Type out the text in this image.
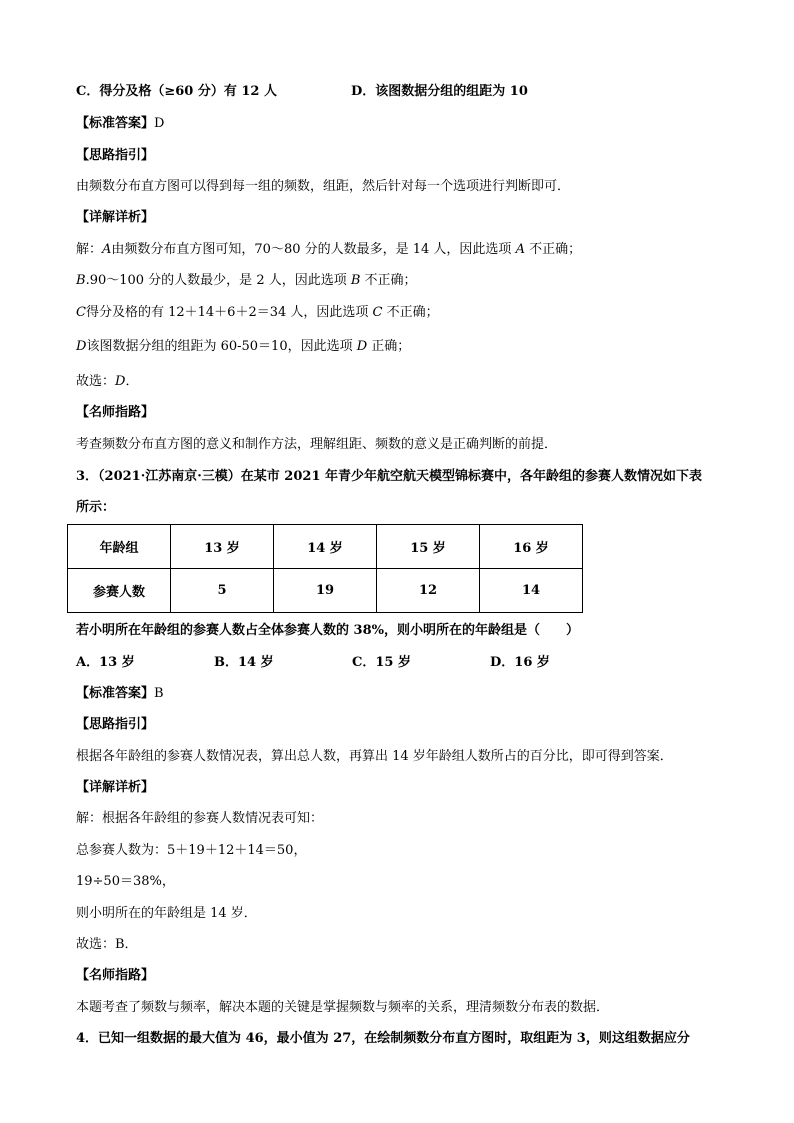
C．得分及格（≥60 分）有 12 人	D．该图数据分组的组距为 10
【标准答案】D
【思路指引】
由频数分布直方图可以得到每一组的频数，组距，然后针对每一个选项进行判断即可．
【详解详析】
解：A由频数分布直方图可知，70～80 分的人数最多，是 14 人，因此选项 A 不正确；
B.90～100 分的人数最少，是 2 人，因此选项 B 不正确；
C得分及格的有 12＋14＋6＋2＝34 人，因此选项 C 不正确；
D该图数据分组的组距为 60-50＝10，因此选项 D 正确；
故选：D．
【名师指路】
考查频数分布直方图的意义和制作方法，理解组距、频数的意义是正确判断的前提．
3．（2021·江苏南京·三模）在某市 2021 年青少年航空航天模型锦标赛中，各年龄组的参赛人数情况如下表
所示：
年龄组	13 岁	14 岁	15 岁	16 岁
参赛人数	5	19	12	14
若小明所在年龄组的参赛人数占全体参赛人数的 38%，则小明所在的年龄组是（　　）
A．13 岁	B．14 岁	C．15 岁	D．16 岁
【标准答案】B
【思路指引】
根据各年龄组的参赛人数情况表，算出总人数，再算出 14 岁年龄组人数所占的百分比，即可得到答案．
【详解详析】
解：根据各年龄组的参赛人数情况表可知：
总参赛人数为：5＋19＋12＋14＝50，
19÷50＝38%，
则小明所在的年龄组是 14 岁．
故选：B．
【名师指路】
本题考查了频数与频率，解决本题的关键是掌握频数与频率的关系，理清频数分布表的数据．
4．已知一组数据的最大值为 46，最小值为 27，在绘制频数分布直方图时，取组距为 3，则这组数据应分
